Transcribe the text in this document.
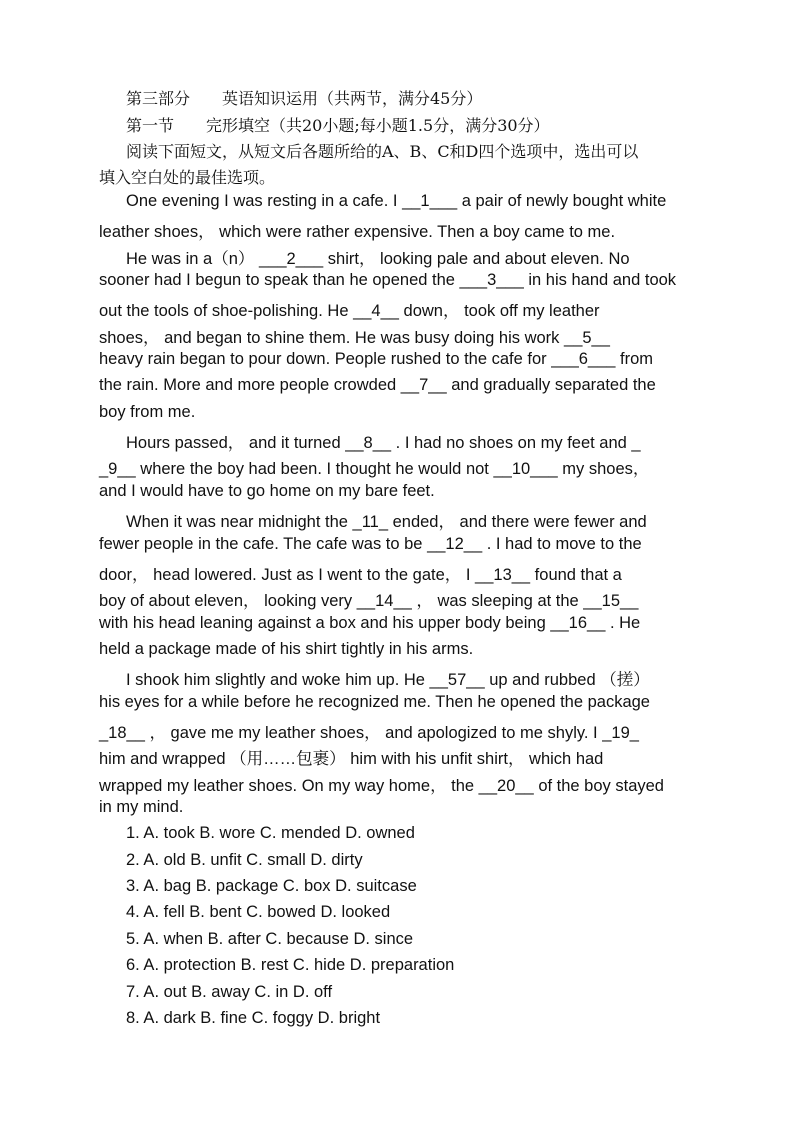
第三部分　　英语知识运用（共两节，满分45分）
第一节　　完形填空（共20小题;每小题1.5分，满分30分）
阅读下面短文，从短文后各题所给的A、B、C和D四个选项中，选出可以
填入空白处的最佳选项。
One evening I was resting in a cafe. I __1___ a pair of newly bought white
leather shoes， which were rather expensive. Then a boy came to me.
He was in a（n） ___2___ shirt， looking pale and about eleven. No
sooner had I begun to speak than he opened the ___3___ in his hand and took
out the tools of shoe-polishing. He __4__ down， took off my leather
shoes， and began to shine them. He was busy doing his work __5__
heavy rain began to pour down. People rushed to the cafe for ___6___ from
the rain. More and more people crowded __7__ and gradually separated the
boy from me.
Hours passed， and it turned __8__ . I had no shoes on my feet and _
_9__ where the boy had been. I thought he would not __10___ my shoes，
and I would have to go home on my bare feet.
When it was near midnight the _11_ ended， and there were fewer and
fewer people in the cafe. The cafe was to be __12__ . I had to move to the
door， head lowered. Just as I went to the gate， I __13__ found that a
boy of about eleven， looking very __14__ ， was sleeping at the __15__
with his head leaning against a box and his upper body being __16__ . He
held a package made of his shirt tightly in his arms.
I shook him slightly and woke him up. He __57__ up and rubbed （搓）
his eyes for a while before he recognized me. Then he opened the package
_18__ ， gave me my leather shoes， and apologized to me shyly. I _19_
him and wrapped （用……包裹） him with his unfit shirt， which had
wrapped my leather shoes. On my way home， the __20__ of the boy stayed
in my mind.
1. A. took B. wore C. mended D. owned
2. A. old B. unfit C. small D. dirty
3. A. bag B. package C. box D. suitcase
4. A. fell B. bent C. bowed D. looked
5. A. when B. after C. because D. since
6. A. protection B. rest C. hide D. preparation
7. A. out B. away C. in D. off
8. A. dark B. fine C. foggy D. bright
